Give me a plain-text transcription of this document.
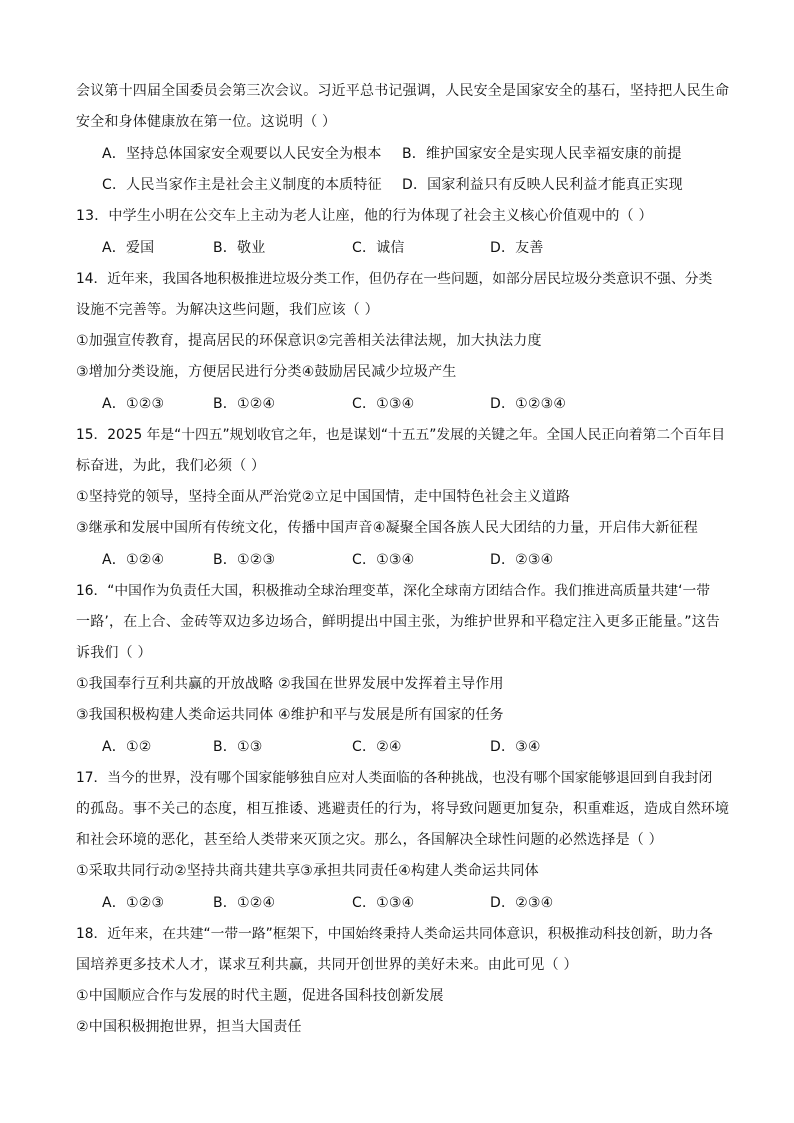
会议第十四届全国委员会第三次会议。习近平总书记强调，人民安全是国家安全的基石，坚持把人民生命
安全和身体健康放在第一位。这说明（ ）
A．坚持总体国家安全观要以人民安全为根本 B．维护国家安全是实现人民幸福安康的前提
C．人民当家作主是社会主义制度的本质特征 D．国家利益只有反映人民利益才能真正实现
13．中学生小明在公交车上主动为老人让座，他的行为体现了社会主义核心价值观中的（ ）
A．爱国	B．敬业	C．诚信	D．友善
14．近年来，我国各地积极推进垃圾分类工作，但仍存在一些问题，如部分居民垃圾分类意识不强、分类
设施不完善等。为解决这些问题，我们应该（ ）
①加强宣传教育，提高居民的环保意识②完善相关法律法规，加大执法力度
③增加分类设施，方便居民进行分类④鼓励居民减少垃圾产生
A．①②③	B．①②④	C．①③④	D．①②③④
15．2025 年是“十四五”规划收官之年，也是谋划“十五五”发展的关键之年。全国人民正向着第二个百年目
标奋进，为此，我们必须（ ）
①坚持党的领导，坚持全面从严治党②立足中国国情，走中国特色社会主义道路
③继承和发展中国所有传统文化，传播中国声音④凝聚全国各族人民大团结的力量，开启伟大新征程
A．①②④	B．①②③	C．①③④	D．②③④
16．“中国作为负责任大国，积极推动全球治理变革，深化全球南方团结合作。我们推进高质量共建‘一带
一路’，在上合、金砖等双边多边场合，鲜明提出中国主张，为维护世界和平稳定注入更多正能量。”这告
诉我们（ ）
①我国奉行互利共赢的开放战略 ②我国在世界发展中发挥着主导作用
③我国积极构建人类命运共同体 ④维护和平与发展是所有国家的任务
A．①②	B．①③	C．②④	D．③④
17．当今的世界，没有哪个国家能够独自应对人类面临的各种挑战，也没有哪个国家能够退回到自我封闭
的孤岛。事不关己的态度，相互推诿、逃避责任的行为，将导致问题更加复杂，积重难返，造成自然环境
和社会环境的恶化，甚至给人类带来灭顶之灾。那么，各国解决全球性问题的必然选择是（ ）
①采取共同行动②坚持共商共建共享③承担共同责任④构建人类命运共同体
A．①②③	B．①②④	C．①③④	D．②③④
18．近年来，在共建“一带一路”框架下，中国始终秉持人类命运共同体意识，积极推动科技创新，助力各
国培养更多技术人才，谋求互利共赢，共同开创世界的美好未来。由此可见（ ）
①中国顺应合作与发展的时代主题，促进各国科技创新发展
②中国积极拥抱世界，担当大国责任
